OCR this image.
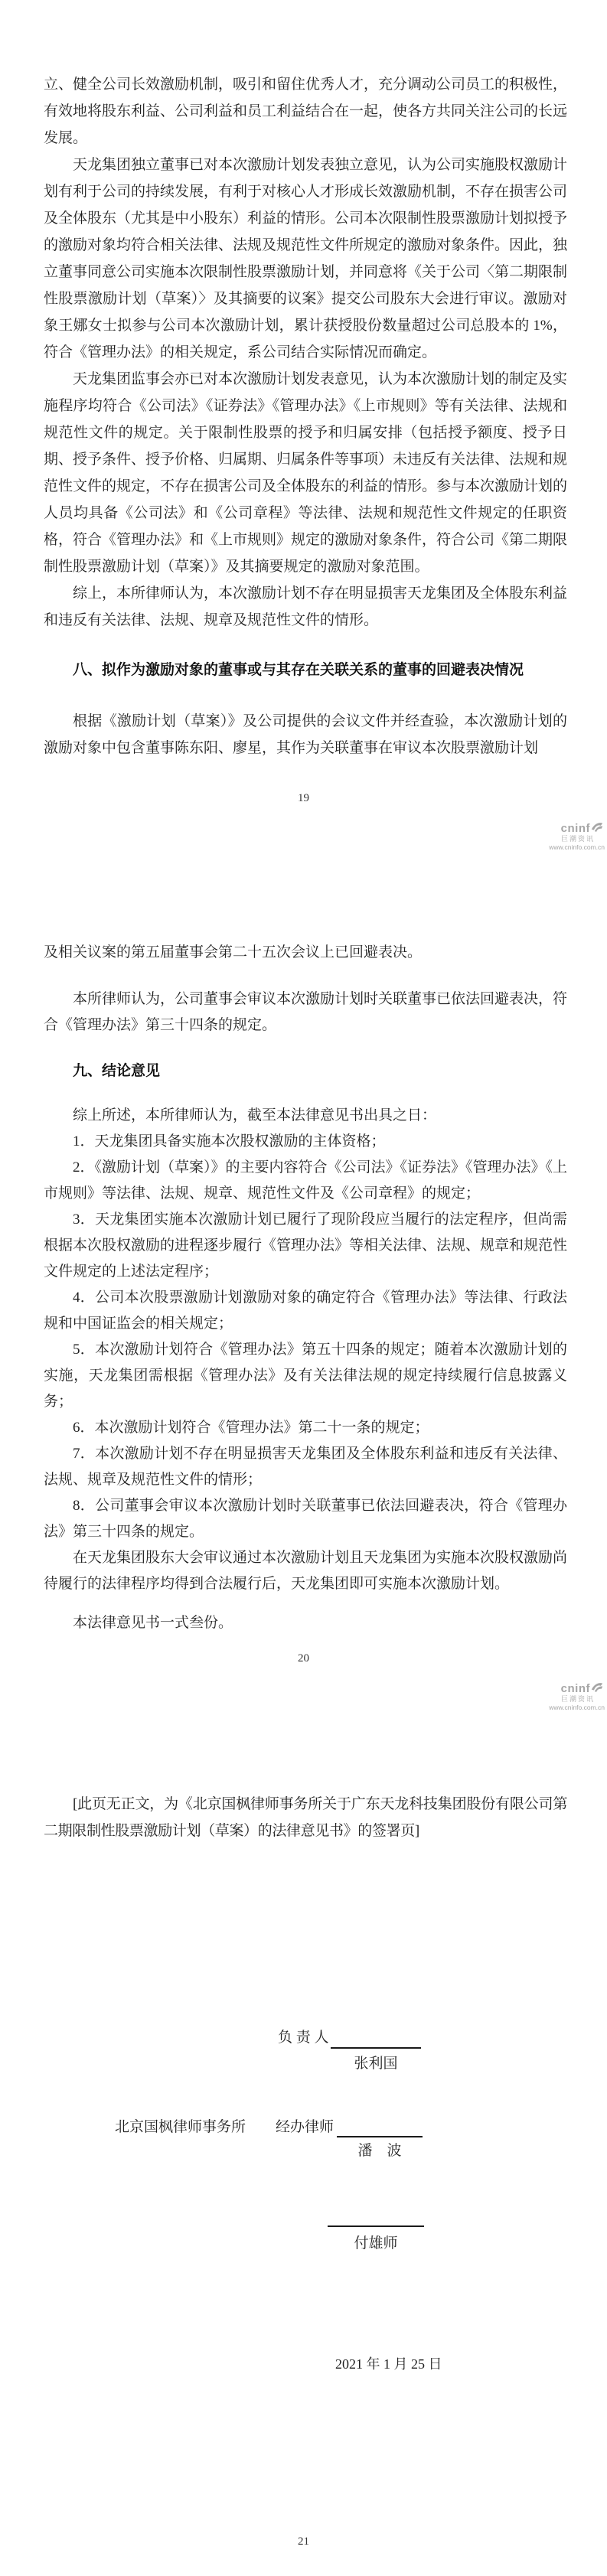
立、健全公司长效激励机制，吸引和留住优秀人才，充分调动公司员工的积极性，有效地将股东利益、公司利益和员工利益结合在一起，使各方共同关注公司的长远发展。

天龙集团独立董事已对本次激励计划发表独立意见，认为公司实施股权激励计划有利于公司的持续发展，有利于对核心人才形成长效激励机制，不存在损害公司及全体股东（尤其是中小股东）利益的情形。公司本次限制性股票激励计划拟授予的激励对象均符合相关法律、法规及规范性文件所规定的激励对象条件。因此，独立董事同意公司实施本次限制性股票激励计划，并同意将《关于公司〈第二期限制性股票激励计划（草案）〉及其摘要的议案》提交公司股东大会进行审议。激励对象王娜女士拟参与公司本次激励计划，累计获授股份数量超过公司总股本的 1%，符合《管理办法》的相关规定，系公司结合实际情况而确定。

天龙集团监事会亦已对本次激励计划发表意见，认为本次激励计划的制定及实施程序均符合《公司法》《证券法》《管理办法》《上市规则》等有关法律、法规和规范性文件的规定。关于限制性股票的授予和归属安排（包括授予额度、授予日期、授予条件、授予价格、归属期、归属条件等事项）未违反有关法律、法规和规范性文件的规定，不存在损害公司及全体股东的利益的情形。参与本次激励计划的人员均具备《公司法》和《公司章程》等法律、法规和规范性文件规定的任职资格，符合《管理办法》和《上市规则》规定的激励对象条件，符合公司《第二期限制性股票激励计划（草案）》及其摘要规定的激励对象范围。

综上，本所律师认为，本次激励计划不存在明显损害天龙集团及全体股东利益和违反有关法律、法规、规章及规范性文件的情形。

八、拟作为激励对象的董事或与其存在关联关系的董事的回避表决情况

根据《激励计划（草案）》及公司提供的会议文件并经查验，本次激励计划的激励对象中包含董事陈东阳、廖星，其作为关联董事在审议本次股票激励计划

19
cninf
巨潮资讯
www.cninfo.com.cn

及相关议案的第五届董事会第二十五次会议上已回避表决。

本所律师认为，公司董事会审议本次激励计划时关联董事已依法回避表决，符合《管理办法》第三十四条的规定。

九、结论意见

综上所述，本所律师认为，截至本法律意见书出具之日：

1．天龙集团具备实施本次股权激励的主体资格；

2．《激励计划（草案）》的主要内容符合《公司法》《证券法》《管理办法》《上市规则》等法律、法规、规章、规范性文件及《公司章程》的规定；

3．天龙集团实施本次激励计划已履行了现阶段应当履行的法定程序，但尚需根据本次股权激励的进程逐步履行《管理办法》等相关法律、法规、规章和规范性文件规定的上述法定程序；

4．公司本次股票激励计划激励对象的确定符合《管理办法》等法律、行政法规和中国证监会的相关规定；

5．本次激励计划符合《管理办法》第五十四条的规定；随着本次激励计划的实施，天龙集团需根据《管理办法》及有关法律法规的规定持续履行信息披露义务；

6．本次激励计划符合《管理办法》第二十一条的规定；

7．本次激励计划不存在明显损害天龙集团及全体股东利益和违反有关法律、法规、规章及规范性文件的情形；

8．公司董事会审议本次激励计划时关联董事已依法回避表决，符合《管理办法》第三十四条的规定。

在天龙集团股东大会审议通过本次激励计划且天龙集团为实施本次股权激励尚待履行的法律程序均得到合法履行后，天龙集团即可实施本次激励计划。

本法律意见书一式叁份。

20
cninf
巨潮资讯
www.cninfo.com.cn

[此页无正文，为《北京国枫律师事务所关于广东天龙科技集团股份有限公司第二期限制性股票激励计划（草案）的法律意见书》的签署页]

负 责 人

张利国

北京国枫律师事务所 经办律师

潘　波

付雄师

2021 年 1 月 25 日

21
